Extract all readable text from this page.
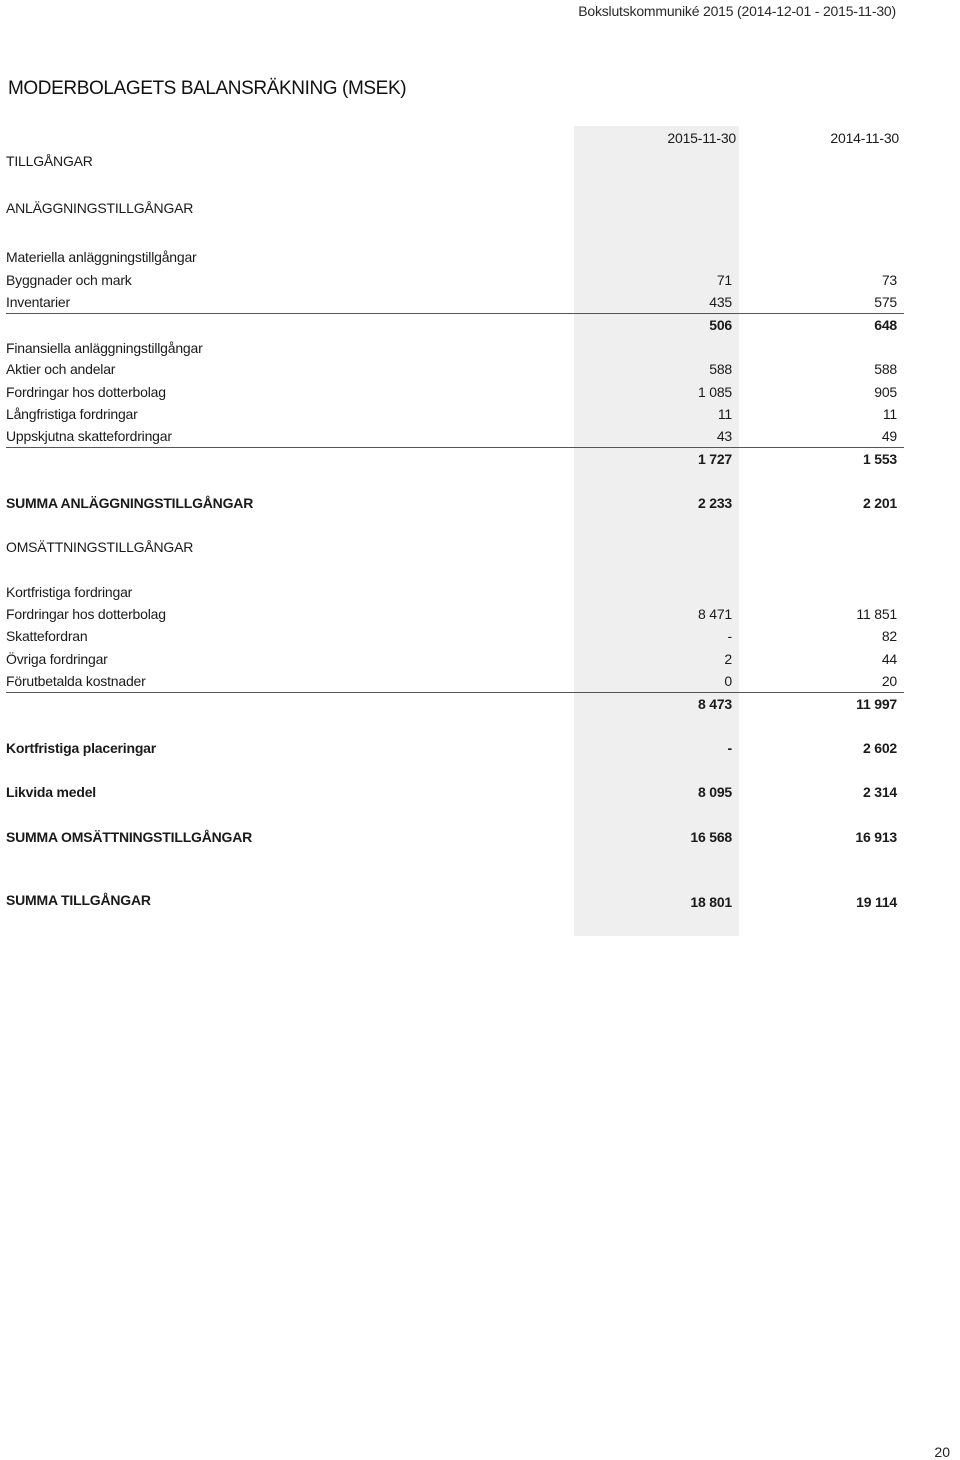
Bokslutskommuniké 2015 (2014-12-01 - 2015-11-30)
MODERBOLAGETS BALANSRÄKNING (MSEK)
2015-11-30	2014-11-30
TILLGÅNGAR
ANLÄGGNINGSTILLGÅNGAR
Materiella anläggningstillgångar
Byggnader och mark	71	73
Inventarier	435	575
506	648
Finansiella anläggningstillgångar
Aktier och andelar	588	588
Fordringar hos dotterbolag	1 085	905
Långfristiga fordringar	11	11
Uppskjutna skattefordringar	43	49
1 727	1 553
SUMMA ANLÄGGNINGSTILLGÅNGAR	2 233	2 201
OMSÄTTNINGSTILLGÅNGAR
Kortfristiga fordringar
Fordringar hos dotterbolag	8 471	11 851
Skattefordran	-	82
Övriga fordringar	2	44
Förutbetalda kostnader	0	20
8 473	11 997
Kortfristiga placeringar	-	2 602
Likvida medel	8 095	2 314
SUMMA OMSÄTTNINGSTILLGÅNGAR	16 568	16 913
SUMMA TILLGÅNGAR	18 801	19 114
20
